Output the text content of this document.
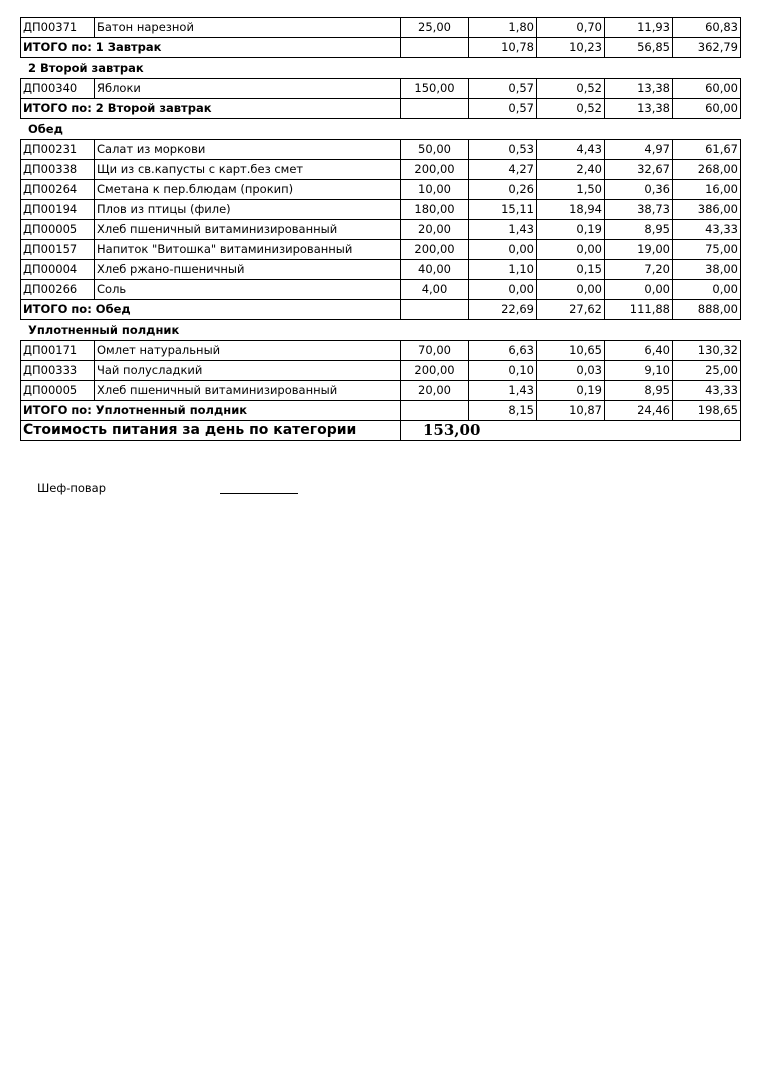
ДП00371	Батон нарезной	25,00	1,80	0,70	11,93	60,83
ИТОГО по: 1 Завтрак			10,78	10,23	56,85	362,79
2 Второй завтрак
ДП00340	Яблоки	150,00	0,57	0,52	13,38	60,00
ИТОГО по: 2 Второй завтрак			0,57	0,52	13,38	60,00
Обед
ДП00231	Салат из моркови	50,00	0,53	4,43	4,97	61,67
ДП00338	Щи из св.капусты с карт.без смет	200,00	4,27	2,40	32,67	268,00
ДП00264	Сметана к пер.блюдам (прокип)	10,00	0,26	1,50	0,36	16,00
ДП00194	Плов из птицы (филе)	180,00	15,11	18,94	38,73	386,00
ДП00005	Хлеб пшеничный витаминизированный	20,00	1,43	0,19	8,95	43,33
ДП00157	Напиток "Витошка" витаминизированный	200,00	0,00	0,00	19,00	75,00
ДП00004	Хлеб ржано-пшеничный	40,00	1,10	0,15	7,20	38,00
ДП00266	Соль	4,00	0,00	0,00	0,00	0,00
ИТОГО по: Обед			22,69	27,62	111,88	888,00
Уплотненный полдник
ДП00171	Омлет натуральный	70,00	6,63	10,65	6,40	130,32
ДП00333	Чай полусладкий	200,00	0,10	0,03	9,10	25,00
ДП00005	Хлеб пшеничный витаминизированный	20,00	1,43	0,19	8,95	43,33
ИТОГО по: Уплотненный полдник			8,15	10,87	24,46	198,65
Стоимость питания за день по категории		153,00				
Шеф-повар
